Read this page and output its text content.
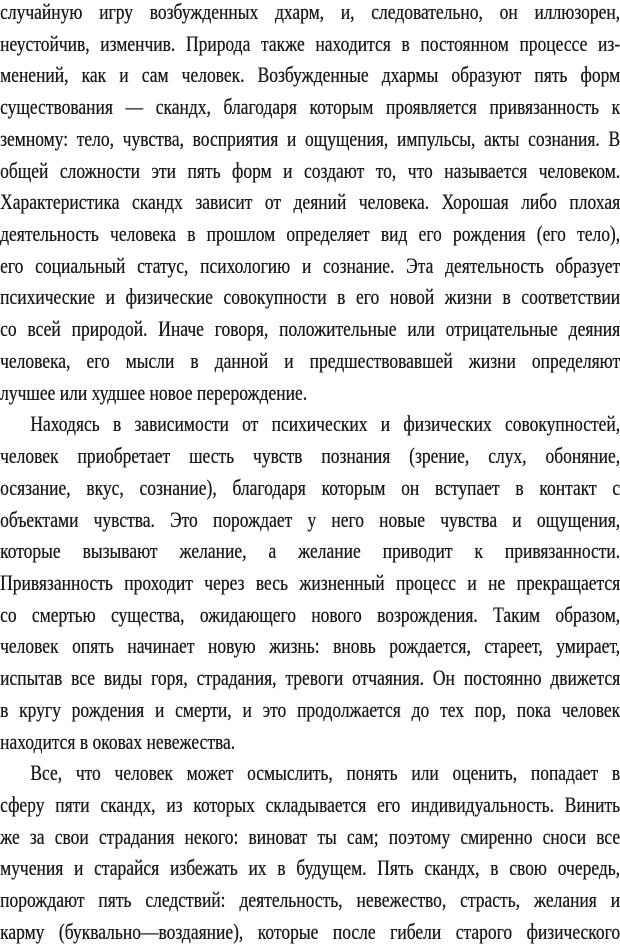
случайную игру возбужденных дхарм, и, следовательно, он иллюзорен,
неустойчив, изменчив. Природа также находится в постоянном процессе из-
менений, как и сам человек. Возбужденные дхармы образуют пять форм
существования — скандх, благодаря которым проявляется привязанность к
земному: тело, чувства, восприятия и ощущения, импульсы, акты сознания. В
общей сложности эти пять форм и создают то, что называется человеком.
Характеристика скандх зависит от деяний человека. Хорошая либо плохая
деятельность человека в прошлом определяет вид его рождения (его тело),
его социальный статус, психологию и сознание. Эта деятельность образует
психические и физические совокупности в его новой жизни в соответствии
со всей природой. Иначе говоря, положительные или отрицательные деяния
человека, его мысли в данной и предшествовавшей жизни определяют
лучшее или худшее новое перерождение.
Находясь в зависимости от психических и физических совокупностей,
человек приобретает шесть чувств познания (зрение, слух, обоняние,
осязание, вкус, сознание), благодаря которым он вступает в контакт с
объектами чувства. Это порождает у него новые чувства и ощущения,
которые вызывают желание, а желание приводит к привязанности.
Привязанность проходит через весь жизненный процесс и не прекращается
со смертью существа, ожидающего нового возрождения. Таким образом,
человек опять начинает новую жизнь: вновь рождается, стареет, умирает,
испытав все виды горя, страдания, тревоги отчаяния. Он постоянно движется
в кругу рождения и смерти, и это продолжается до тех пор, пока человек
находится в оковах невежества.
Все, что человек может осмыслить, понять или оценить, попадает в
сферу пяти скандх, из которых складывается его индивидуальность. Винить
же за свои страдания некого: виноват ты сам; поэтому смиренно сноси все
мучения и старайся избежать их в будущем. Пять скандх, в свою очередь,
порождают пять следствий: деятельность, невежество, страсть, желания и
карму (буквально—воздаяние), которые после гибели старого физического
